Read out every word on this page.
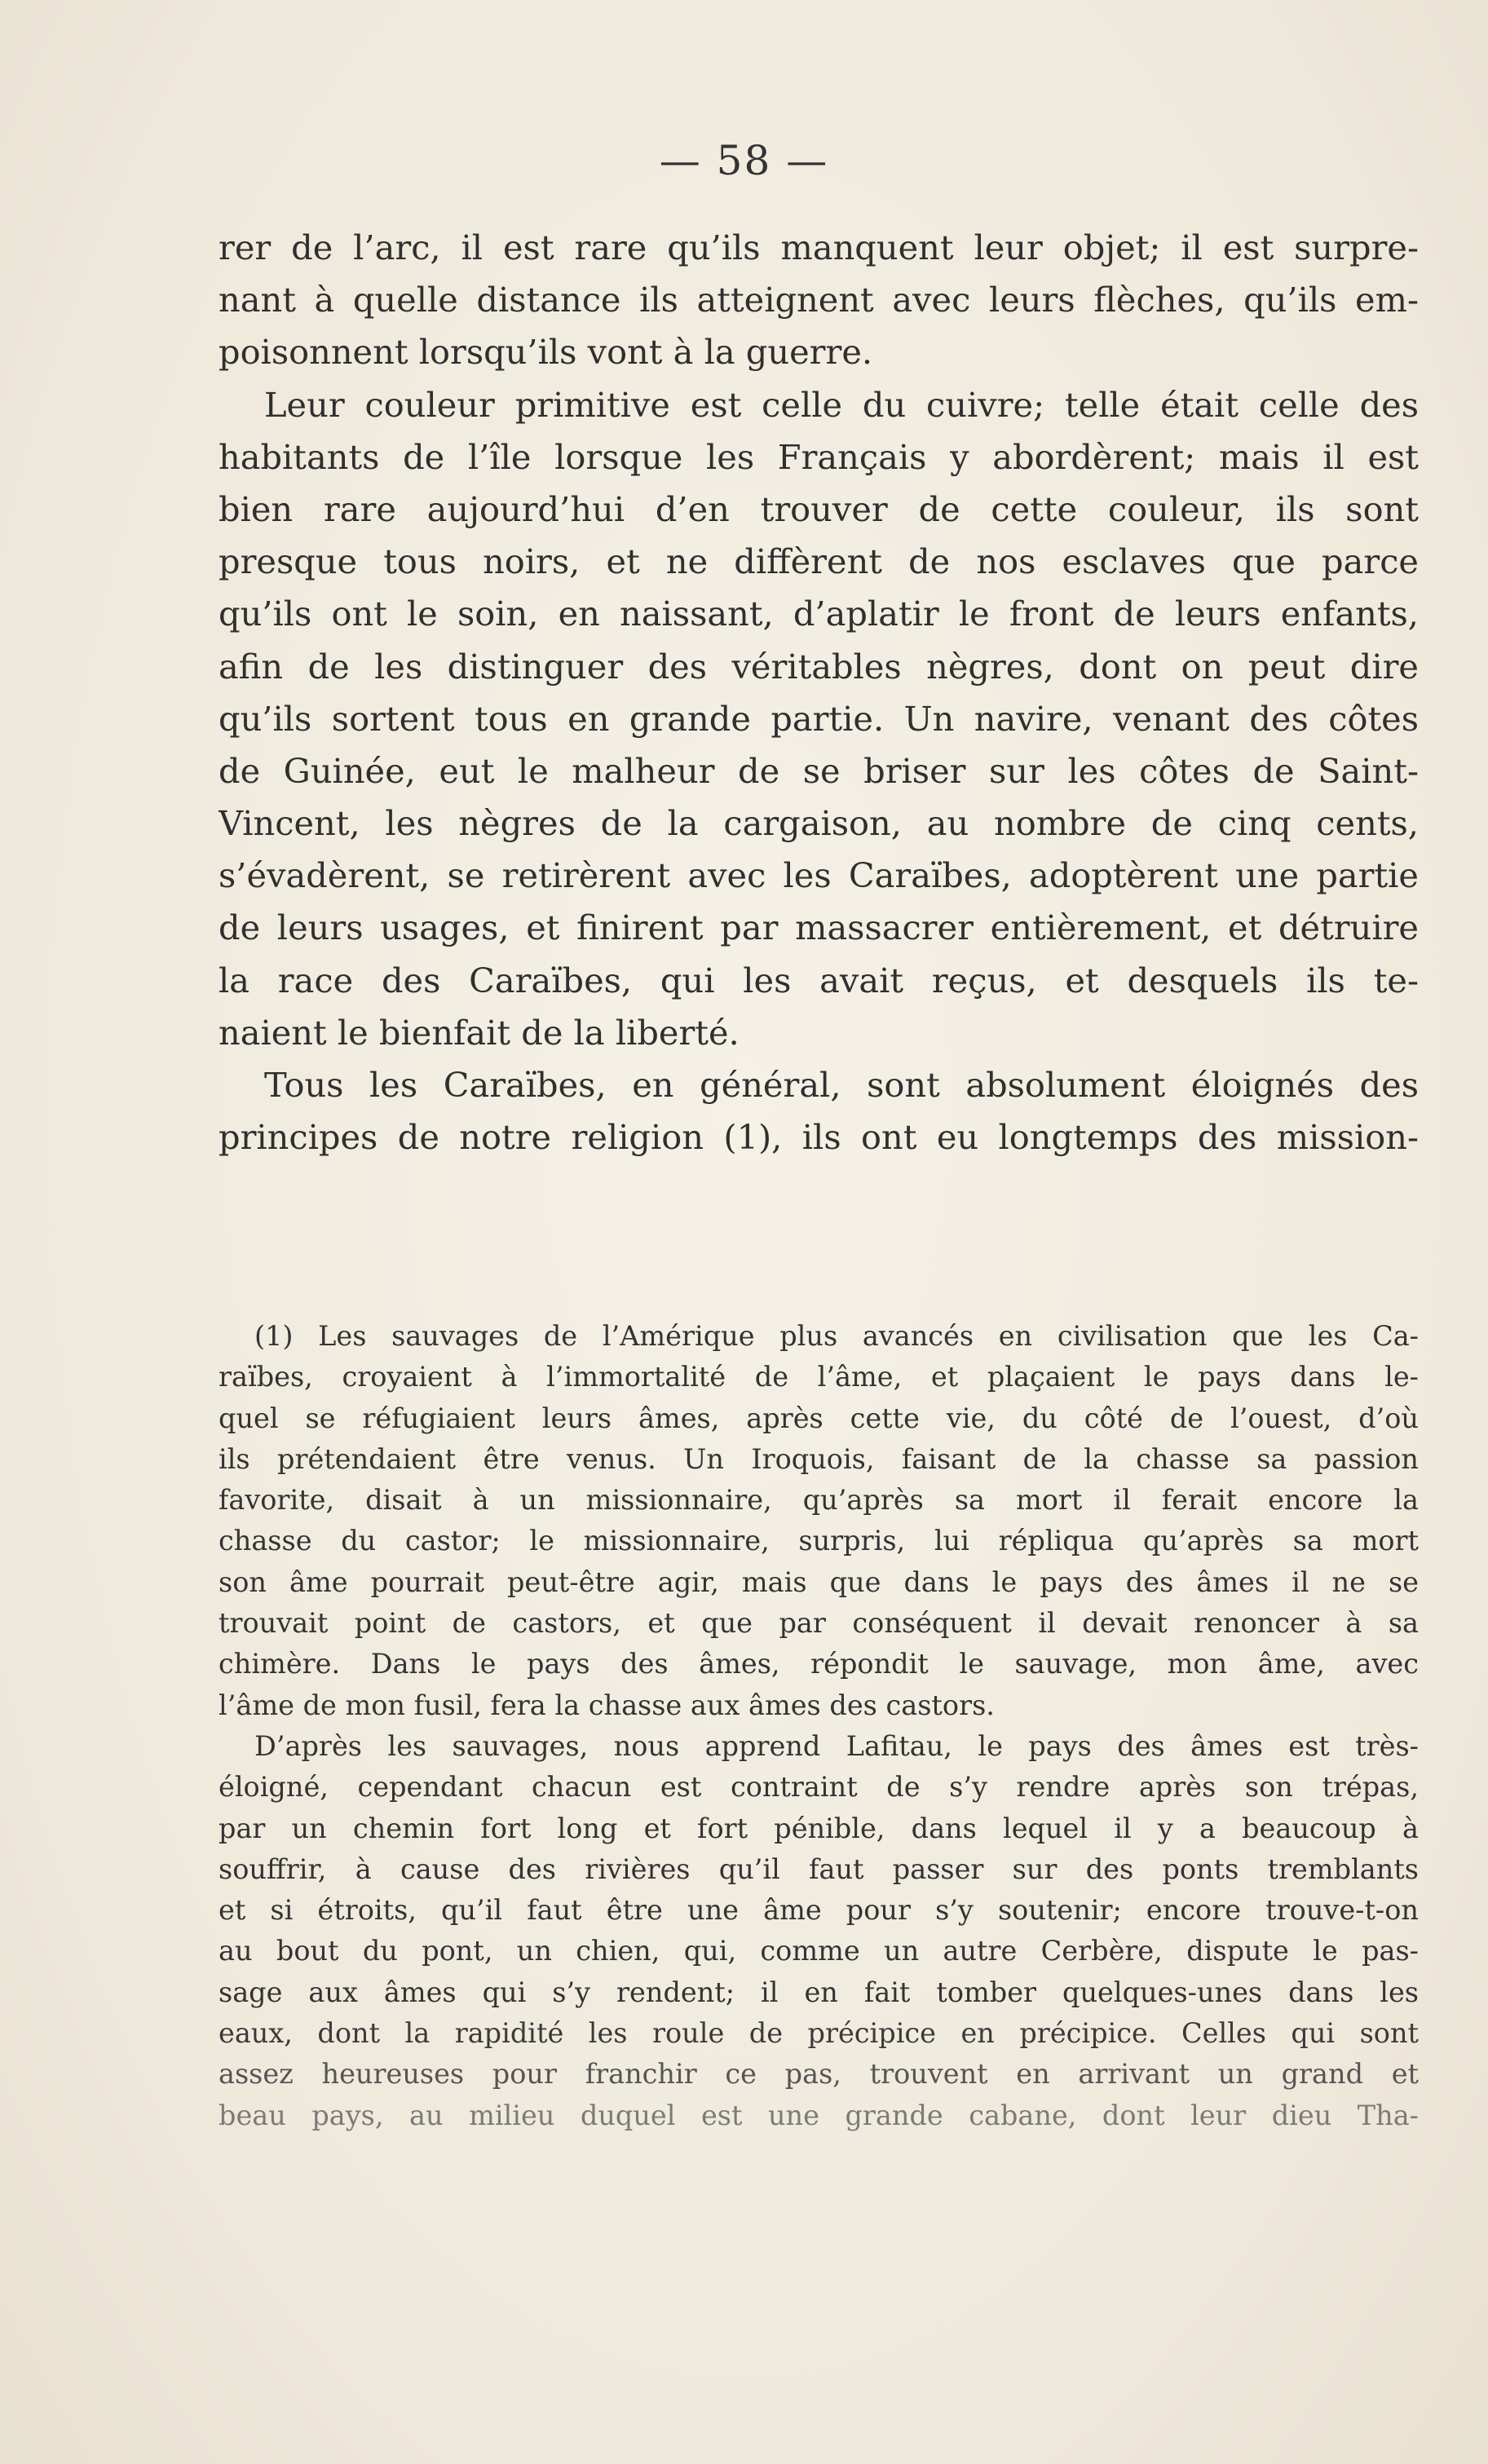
— 58 —
rer de l’arc, il est rare qu’ils manquent leur objet; il est surpre-
nant à quelle distance ils atteignent avec leurs flèches, qu’ils em-
poisonnent lorsqu’ils vont à la guerre.
Leur couleur primitive est celle du cuivre; telle était celle des
habitants de l’île lorsque les Français y abordèrent; mais il est
bien rare aujourd’hui d’en trouver de cette couleur, ils sont
presque tous noirs, et ne diffèrent de nos esclaves que parce
qu’ils ont le soin, en naissant, d’aplatir le front de leurs enfants,
afin de les distinguer des véritables nègres, dont on peut dire
qu’ils sortent tous en grande partie. Un navire, venant des côtes
de Guinée, eut le malheur de se briser sur les côtes de Saint-
Vincent, les nègres de la cargaison, au nombre de cinq cents,
s’évadèrent, se retirèrent avec les Caraïbes, adoptèrent une partie
de leurs usages, et finirent par massacrer entièrement, et détruire
la race des Caraïbes, qui les avait reçus, et desquels ils te-
naient le bienfait de la liberté.
Tous les Caraïbes, en général, sont absolument éloignés des
principes de notre religion (1), ils ont eu longtemps des mission-
(1) Les sauvages de l’Amérique plus avancés en civilisation que les Ca-
raïbes, croyaient à l’immortalité de l’âme, et plaçaient le pays dans le-
quel se réfugiaient leurs âmes, après cette vie, du côté de l’ouest, d’où
ils prétendaient être venus. Un Iroquois, faisant de la chasse sa passion
favorite, disait à un missionnaire, qu’après sa mort il ferait encore la
chasse du castor; le missionnaire, surpris, lui répliqua qu’après sa mort
son âme pourrait peut-être agir, mais que dans le pays des âmes il ne se
trouvait point de castors, et que par conséquent il devait renoncer à sa
chimère. Dans le pays des âmes, répondit le sauvage, mon âme, avec
l’âme de mon fusil, fera la chasse aux âmes des castors.
D’après les sauvages, nous apprend Lafitau, le pays des âmes est très-
éloigné, cependant chacun est contraint de s’y rendre après son trépas,
par un chemin fort long et fort pénible, dans lequel il y a beaucoup à
souffrir, à cause des rivières qu’il faut passer sur des ponts tremblants
et si étroits, qu’il faut être une âme pour s’y soutenir; encore trouve-t-on
au bout du pont, un chien, qui, comme un autre Cerbère, dispute le pas-
sage aux âmes qui s’y rendent; il en fait tomber quelques-unes dans les
eaux, dont la rapidité les roule de précipice en précipice. Celles qui sont
assez heureuses pour franchir ce pas, trouvent en arrivant un grand et
beau pays, au milieu duquel est une grande cabane, dont leur dieu Tha-
